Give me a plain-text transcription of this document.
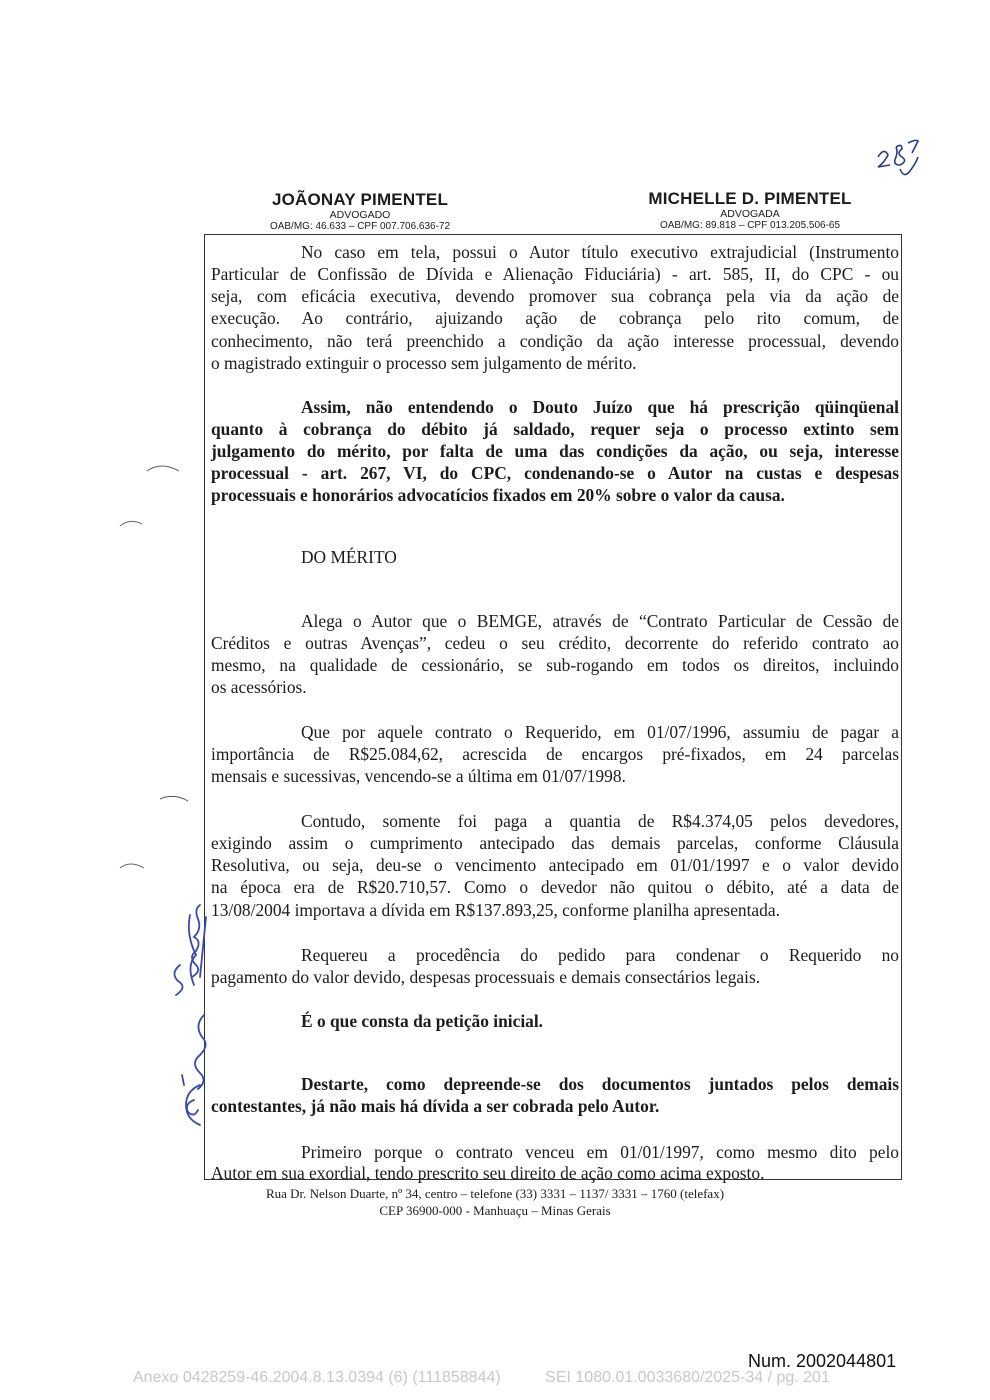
JOÃONAY PIMENTEL
ADVOGADO
OAB/MG: 46.633 – CPF 007.706.636-72
MICHELLE D. PIMENTEL
ADVOGADA
OAB/MG: 89.818 – CPF 013.205.506-65
No caso em tela, possui o Autor título executivo extrajudicial (Instrumento
Particular de Confissão de Dívida e Alienação Fiduciária) - art. 585, II, do CPC - ou
seja, com eficácia executiva, devendo promover sua cobrança pela via da ação de
execução. Ao contrário, ajuizando ação de cobrança pelo rito comum, de
conhecimento, não terá preenchido a condição da ação interesse processual, devendo
o magistrado extinguir o processo sem julgamento de mérito.
Assim, não entendendo o Douto Juízo que há prescrição qüinqüenal
quanto à cobrança do débito já saldado, requer seja o processo extinto sem
julgamento do mérito, por falta de uma das condições da ação, ou seja, interesse
processual - art. 267, VI, do CPC, condenando-se o Autor na custas e despesas
processuais e honorários advocatícios fixados em 20% sobre o valor da causa.
DO MÉRITO
Alega o Autor que o BEMGE, através de “Contrato Particular de Cessão de
Créditos e outras Avenças”, cedeu o seu crédito, decorrente do referido contrato ao
mesmo, na qualidade de cessionário, se sub-rogando em todos os direitos, incluindo
os acessórios.
Que por aquele contrato o Requerido, em 01/07/1996, assumiu de pagar a
importância de R$25.084,62, acrescida de encargos pré-fixados, em 24 parcelas
mensais e sucessivas, vencendo-se a última em 01/07/1998.
Contudo, somente foi paga a quantia de R$4.374,05 pelos devedores,
exigindo assim o cumprimento antecipado das demais parcelas, conforme Cláusula
Resolutiva, ou seja, deu-se o vencimento antecipado em 01/01/1997 e o valor devido
na época era de R$20.710,57. Como o devedor não quitou o débito, até a data de
13/08/2004 importava a dívida em R$137.893,25, conforme planilha apresentada.
Requereu a procedência do pedido para condenar o Requerido no
pagamento do valor devido, despesas processuais e demais consectários legais.
É o que consta da petição inicial.
Destarte, como depreende-se dos documentos juntados pelos demais
contestantes, já não mais há dívida a ser cobrada pelo Autor.
Primeiro porque o contrato venceu em 01/01/1997, como mesmo dito pelo
Autor em sua exordial, tendo prescrito seu direito de ação como acima exposto.
Rua Dr. Nelson Duarte, nº 34, centro – telefone (33) 3331 – 1137/ 3331 – 1760 (telefax)
CEP 36900-000 - Manhuaçu – Minas Gerais
Num. 2002044801
Anexo 0428259-46.2004.8.13.0394 (6) (111858844)	SEI 1080.01.0033680/2025-34 / pg. 201
